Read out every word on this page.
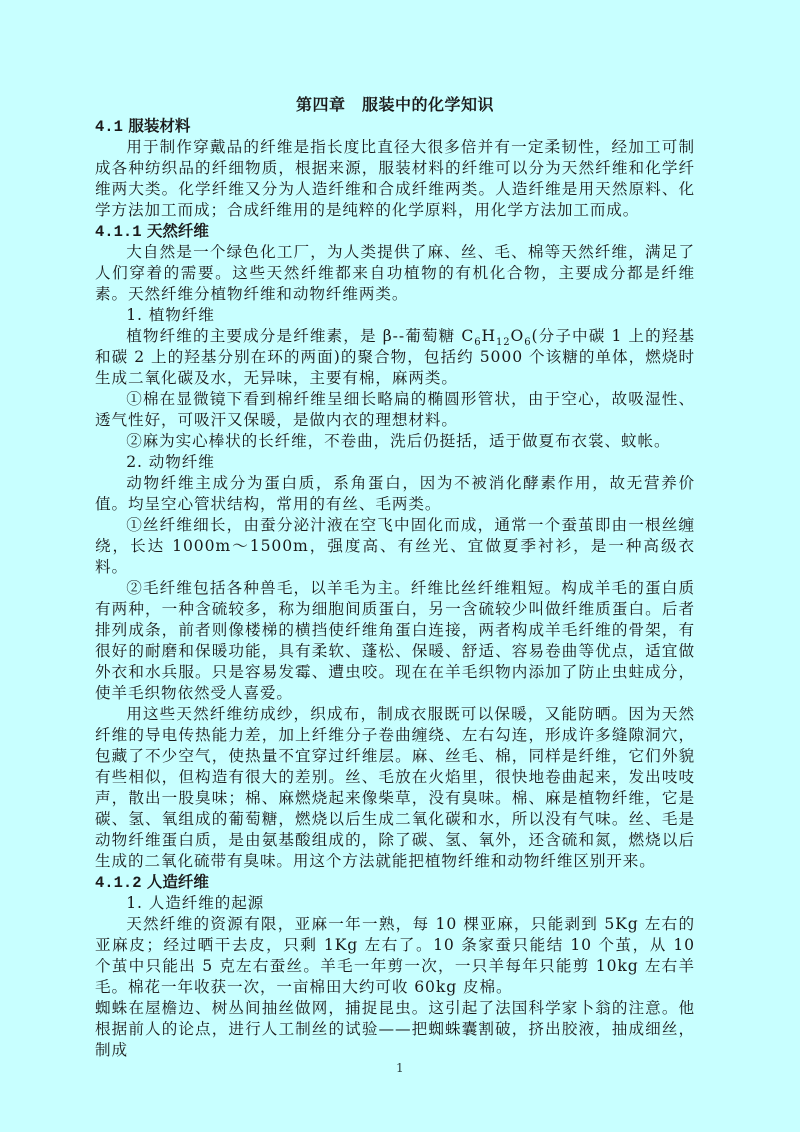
第四章　服装中的化学知识
4.1 服装材料

用于制作穿戴品的纤维是指长度比直径大很多倍并有一定柔韧性，经加工可制成各种纺织品的纤细物质，根据来源，服装材料的纤维可以分为天然纤维和化学纤维两大类。化学纤维又分为人造纤维和合成纤维两类。人造纤维是用天然原料、化学方法加工而成；合成纤维用的是纯粹的化学原料，用化学方法加工而成。

4.1.1 天然纤维

大自然是一个绿色化工厂，为人类提供了麻、丝、毛、棉等天然纤维，满足了人们穿着的需要。这些天然纤维都来自功植物的有机化合物，主要成分都是纤维素。天然纤维分植物纤维和动物纤维两类。

1. 植物纤维

植物纤维的主要成分是纤维素，是 β--葡萄糖 $C_6H_{12}O_6$(分子中碳 1 上的羟基和碳 2 上的羟基分别在环的两面)的聚合物，包括约 5000 个该糖的单体，燃烧时生成二氧化碳及水，无异味，主要有棉，麻两类。

①棉在显微镜下看到棉纤维呈细长略扁的椭圆形管状，由于空心，故吸湿性、透气性好，可吸汗又保暖，是做内衣的理想材料。

②麻为实心棒状的长纤维，不卷曲，洗后仍挺括，适于做夏布衣裳、蚊帐。

2. 动物纤维

动物纤维主成分为蛋白质，系角蛋白，因为不被消化酵素作用，故无营养价值。均呈空心管状结构，常用的有丝、毛两类。

①丝纤维细长，由蚕分泌汁液在空飞中固化而成，通常一个蚕茧即由一根丝缠绕，长达 1000m～1500m，强度高、有丝光、宜做夏季衬衫，是一种高级衣料。

②毛纤维包括各种兽毛，以羊毛为主。纤维比丝纤维粗短。构成羊毛的蛋白质有两种，一种含硫较多，称为细胞间质蛋白，另一含硫较少叫做纤维质蛋白。后者排列成条，前者则像楼梯的横挡使纤维角蛋白连接，两者构成羊毛纤维的骨架，有很好的耐磨和保暖功能，具有柔软、蓬松、保暖、舒适、容易卷曲等优点，适宜做外衣和水兵服。只是容易发霉、遭虫咬。现在在羊毛织物内添加了防止虫蛀成分，使羊毛织物依然受人喜爱。

用这些天然纤维纺成纱，织成布，制成衣服既可以保暖，又能防晒。因为天然纤维的导电传热能力差，加上纤维分子卷曲缠绕、左右勾连，形成许多缝隙洞穴，包藏了不少空气，使热量不宜穿过纤维层。麻、丝毛、棉，同样是纤维，它们外貌有些相似，但构造有很大的差别。丝、毛放在火焰里，很快地卷曲起来，发出吱吱声，散出一股臭味；棉、麻燃烧起来像柴草，没有臭味。棉、麻是植物纤维，它是碳、氢、氧组成的葡萄糖，燃烧以后生成二氧化碳和水，所以没有气味。丝、毛是动物纤维蛋白质，是由氨基酸组成的，除了碳、氢、氧外，还含硫和氮，燃烧以后生成的二氧化硫带有臭味。用这个方法就能把植物纤维和动物纤维区别开来。

4.1.2 人造纤维

1. 人造纤维的起源

天然纤维的资源有限，亚麻一年一熟，每 10 棵亚麻，只能剥到 5Kg 左右的亚麻皮；经过晒干去皮，只剩 1Kg 左右了。10 条家蚕只能结 10 个茧，从 10 个茧中只能出 5 克左右蚕丝。羊毛一年剪一次，一只羊每年只能剪 10kg 左右羊毛。棉花一年收获一次，一亩棉田大约可收 60kg 皮棉。

蜘蛛在屋檐边、树丛间抽丝做网，捕捉昆虫。这引起了法国科学家卜翁的注意。他根据前人的论点，进行人工制丝的试验——把蜘蛛囊割破，挤出胶液，抽成细丝，制成

1
